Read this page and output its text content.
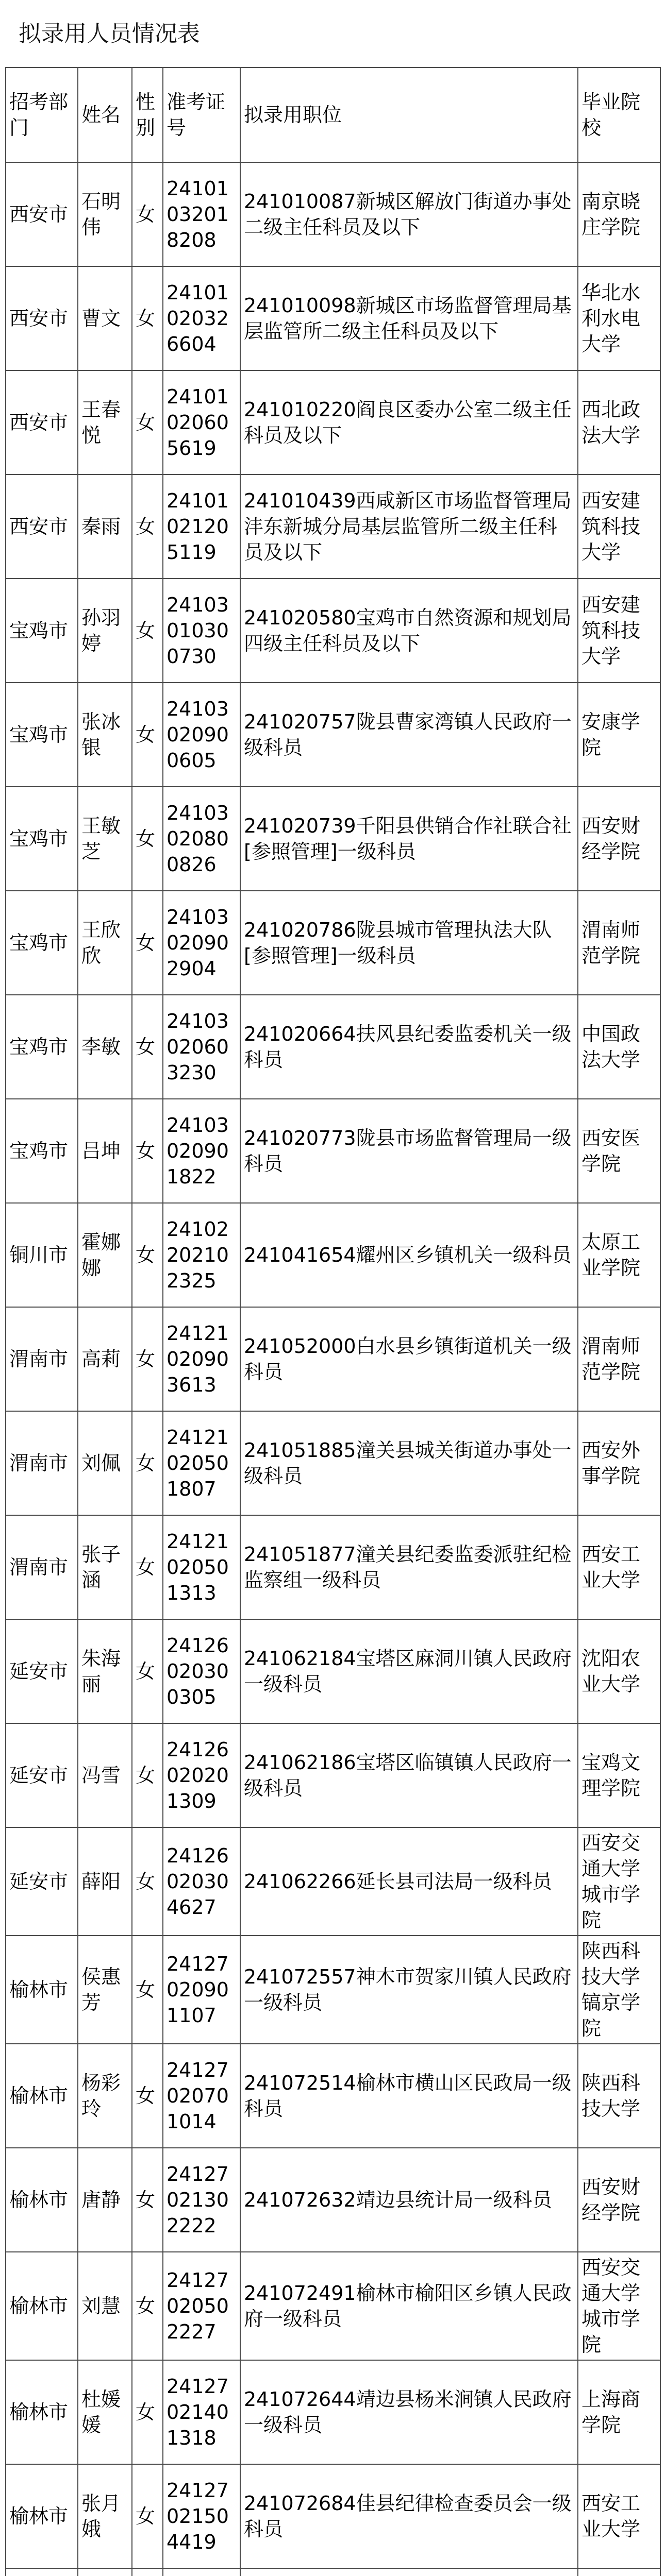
拟录用人员情况表
招考部门	姓名	性别	准考证号	拟录用职位	毕业院校
西安市	石明伟	女	24101032018208	241010087新城区解放门街道办事处二级主任科员及以下	南京晓庄学院
西安市	曹文	女	24101020326604	241010098新城区市场监督管理局基层监管所二级主任科员及以下	华北水利水电大学
西安市	王春悦	女	24101020605619	241010220阎良区委办公室二级主任科员及以下	西北政法大学
西安市	秦雨	女	24101021205119	241010439西咸新区市场监督管理局沣东新城分局基层监管所二级主任科员及以下	西安建筑科技大学
宝鸡市	孙羽婷	女	24103010300730	241020580宝鸡市自然资源和规划局四级主任科员及以下	西安建筑科技大学
宝鸡市	张冰银	女	24103020900605	241020757陇县曹家湾镇人民政府一级科员	安康学院
宝鸡市	王敏芝	女	24103020800826	241020739千阳县供销合作社联合社[参照管理]一级科员	西安财经学院
宝鸡市	王欣欣	女	24103020902904	241020786陇县城市管理执法大队[参照管理]一级科员	渭南师范学院
宝鸡市	李敏	女	24103020603230	241020664扶风县纪委监委机关一级科员	中国政法大学
宝鸡市	吕坤	女	24103020901822	241020773陇县市场监督管理局一级科员	西安医学院
铜川市	霍娜娜	女	24102202102325	241041654耀州区乡镇机关一级科员	太原工业学院
渭南市	高莉	女	24121020903613	241052000白水县乡镇街道机关一级科员	渭南师范学院
渭南市	刘佩	女	24121020501807	241051885潼关县城关街道办事处一级科员	西安外事学院
渭南市	张子涵	女	24121020501313	241051877潼关县纪委监委派驻纪检监察组一级科员	西安工业大学
延安市	朱海丽	女	24126020300305	241062184宝塔区麻洞川镇人民政府一级科员	沈阳农业大学
延安市	冯雪	女	24126020201309	241062186宝塔区临镇镇人民政府一级科员	宝鸡文理学院
延安市	薛阳	女	24126020304627	241062266延长县司法局一级科员	西安交通大学城市学院
榆林市	侯惠芳	女	24127020901107	241072557神木市贺家川镇人民政府一级科员	陕西科技大学镐京学院
榆林市	杨彩玲	女	24127020701014	241072514榆林市横山区民政局一级科员	陕西科技大学
榆林市	唐静	女	24127021302222	241072632靖边县统计局一级科员	西安财经学院
榆林市	刘慧	女	24127020502227	241072491榆林市榆阳区乡镇人民政府一级科员	西安交通大学城市学院
榆林市	杜媛媛	女	24127021401318	241072644靖边县杨米涧镇人民政府一级科员	上海商学院
榆林市	张月娥	女	24127021504419	241072684佳县纪律检查委员会一级科员	西安工业大学
